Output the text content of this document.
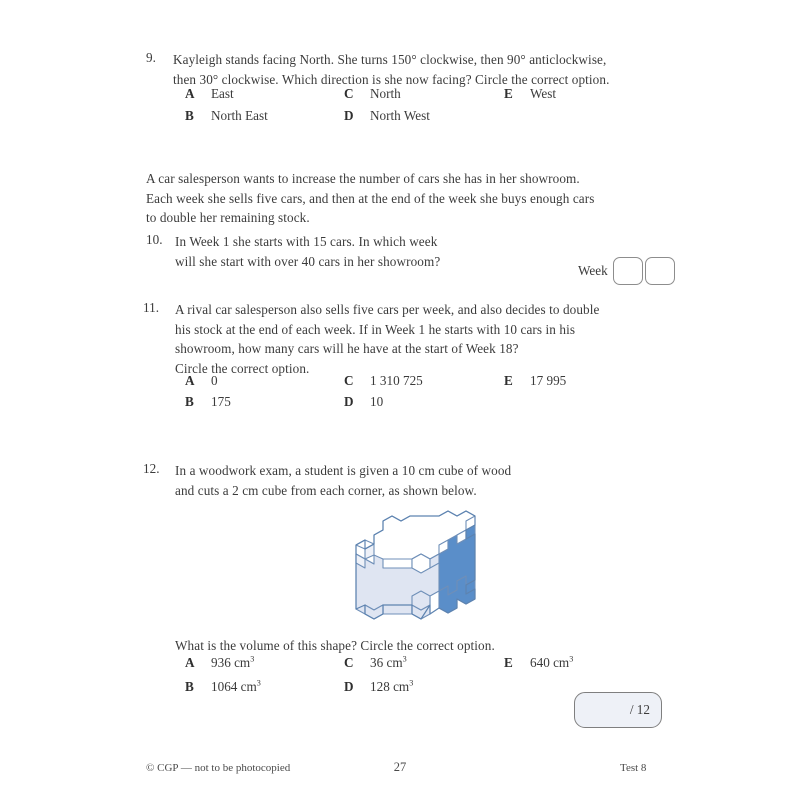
9. Kayleigh stands facing North. She turns 150° clockwise, then 90° anticlockwise,
then 30° clockwise. Which direction is she now facing? Circle the correct option.
A East
B North East
C North
D North West
E West
A car salesperson wants to increase the number of cars she has in her showroom.
Each week she sells five cars, and then at the end of the week she buys enough cars
to double her remaining stock.
10. In Week 1 she starts with 15 cars. In which week
will she start with over 40 cars in her showroom?
Week
11. A rival car salesperson also sells five cars per week, and also decides to double
his stock at the end of each week. If in Week 1 he starts with 10 cars in his
showroom, how many cars will he have at the start of Week 18?
Circle the correct option.
A 0
B 175
C 1 310 725
D 10
E 17 995
12. In a woodwork exam, a student is given a 10 cm cube of wood
and cuts a 2 cm cube from each corner, as shown below.
What is the volume of this shape? Circle the correct option.
A 936 $cm^3$
B 1064 $cm^3$
C 36 $cm^3$
D 128 $cm^3$
E 640 $cm^3$
/ 12
© CGP — not to be photocopied	27	Test 8
